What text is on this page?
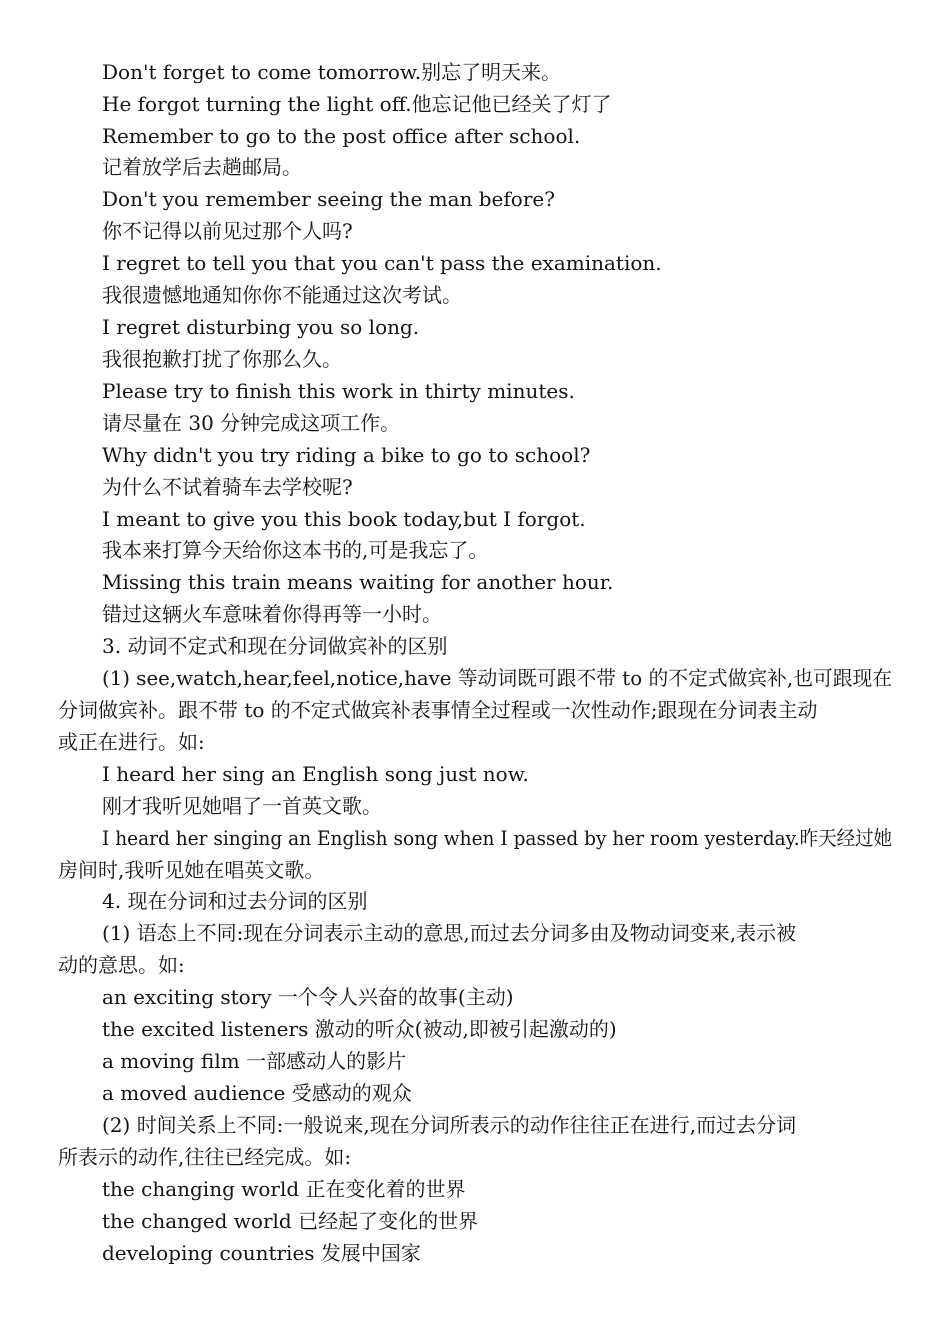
Don't forget to come tomorrow.别忘了明天来。
He forgot turning the light off.他忘记他已经关了灯了
Remember to go to the post office after school.
记着放学后去趟邮局。
Don't you remember seeing the man before?
你不记得以前见过那个人吗?
I regret to tell you that you can't pass the examination.
我很遗憾地通知你你不能通过这次考试。
I regret disturbing you so long.
我很抱歉打扰了你那么久。
Please try to finish this work in thirty minutes.
请尽量在 30 分钟完成这项工作。
Why didn't you try riding a bike to go to school?
为什么不试着骑车去学校呢?
I meant to give you this book today,but I forgot.
我本来打算今天给你这本书的,可是我忘了。
Missing this train means waiting for another hour.
错过这辆火车意味着你得再等一小时。
3. 动词不定式和现在分词做宾补的区别
(1) see,watch,hear,feel,notice,have 等动词既可跟不带 to 的不定式做宾补,也可跟现在
分词做宾补。跟不带 to 的不定式做宾补表事情全过程或一次性动作;跟现在分词表主动
或正在进行。如:
I heard her sing an English song just now.
刚才我听见她唱了一首英文歌。
I heard her singing an English song when I passed by her room yesterday.昨天经过她
房间时,我听见她在唱英文歌。
4. 现在分词和过去分词的区别
(1) 语态上不同:现在分词表示主动的意思,而过去分词多由及物动词变来,表示被
动的意思。如:
an exciting story 一个令人兴奋的故事(主动)
the excited listeners 激动的听众(被动,即被引起激动的)
a moving film 一部感动人的影片
a moved audience 受感动的观众
(2) 时间关系上不同:一般说来,现在分词所表示的动作往往正在进行,而过去分词
所表示的动作,往往已经完成。如:
the changing world 正在变化着的世界
the changed world 已经起了变化的世界
developing countries 发展中国家
